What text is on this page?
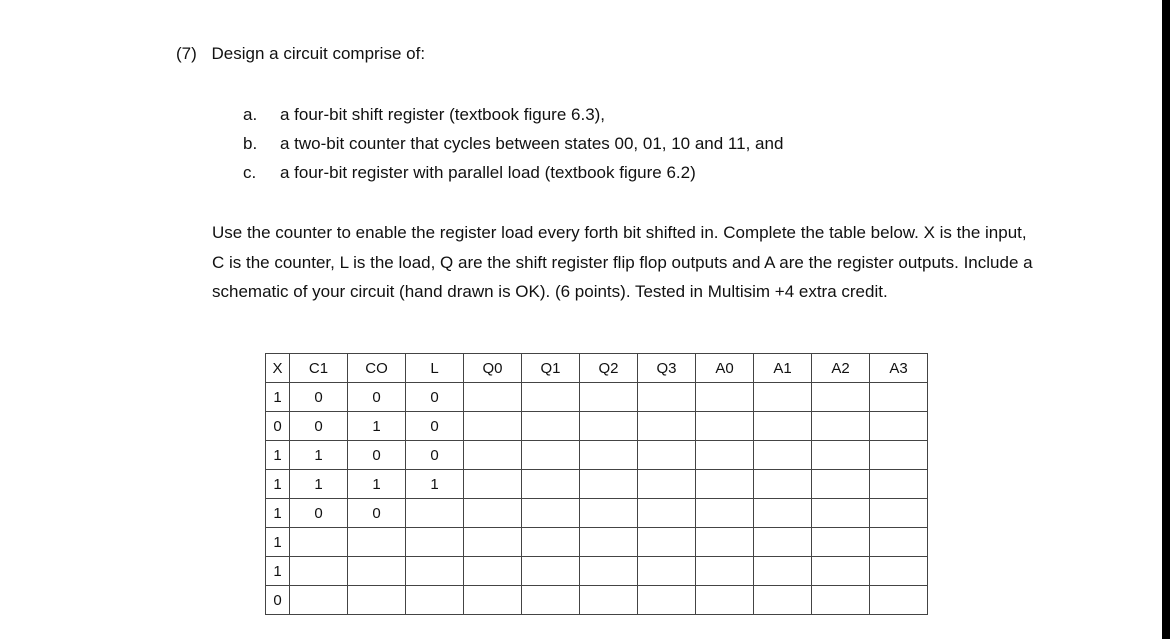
(7) Design a circuit comprise of:
a.	a four-bit shift register (textbook figure 6.3),
b.	a two-bit counter that cycles between states 00, 01, 10 and 11, and
c.	a four-bit register with parallel load (textbook figure 6.2)
Use the counter to enable the register load every forth bit shifted in. Complete the table below. X is the input, C is the counter, L is the load, Q are the shift register flip flop outputs and A are the register outputs. Include a schematic of your circuit (hand drawn is OK). (6 points). Tested in Multisim +4 extra credit.
X	C1	CO	L	Q0	Q1	Q2	Q3	A0	A1	A2	A3
1	0	0	0								
0	0	1	0								
1	1	0	0								
1	1	1	1								
1	0	0									
1											
1											
0											
